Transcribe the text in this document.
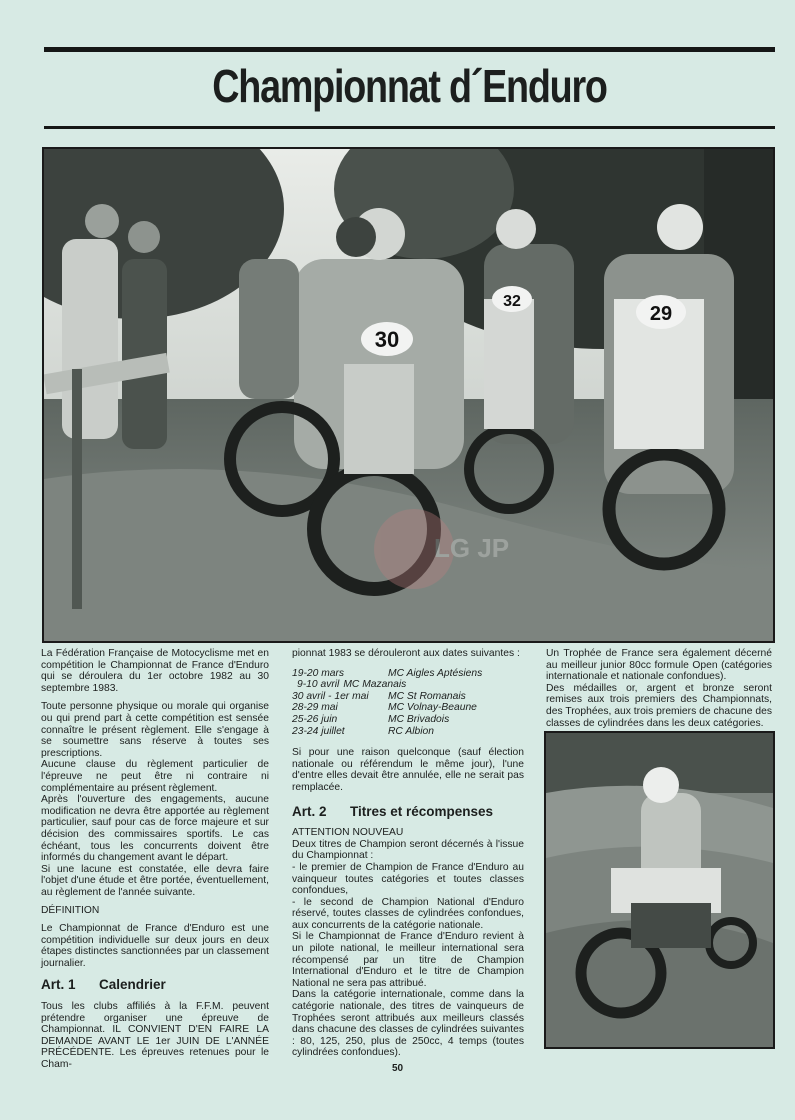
Championnat d´Enduro
30
32
29
LG JP

La Fédération Française de Motocyclisme met en compétition le Championnat de France d'Enduro qui se déroulera du 1er octobre 1982 au 30 septembre 1983.

Toute personne physique ou morale qui organise ou qui prend part à cette compétition est sensée connaître le présent règlement. Elle s'engage à se soumettre sans réserve à toutes ses prescriptions.

Aucune clause du règlement particulier de l'épreuve ne peut être ni contraire ni complémentaire au présent règlement.

Après l'ouverture des engagements, aucune modification ne devra être apportée au règlement particulier, sauf pour cas de force majeure et sur décision des commissaires sportifs. Le cas échéant, tous les concurrents doivent être informés du changement avant le départ.

Si une lacune est constatée, elle devra faire l'objet d'une étude et être portée, éventuellement, au règlement de l'année suivante.

DÉFINITION

Le Championnat de France d'Enduro est une compétition individuelle sur deux jours en deux étapes distinctes sanctionnées par un classement journalier.

Art. 1 Calendrier

Tous les clubs affiliés à la F.F.M. peuvent prétendre organiser une épreuve de Championnat. IL CONVIENT D'EN FAIRE LA DEMANDE AVANT LE 1er JUIN DE L'ANNÉE PRÉCÉDENTE. Les épreuves retenues pour le Cham-

pionnat 1983 se dérouleront aux dates suivantes :

19-20 mars	MC Aigles Aptésiens
9-10 avril MC Mazanais
30 avril - 1er mai	MC St Romanais
28-29 mai	MC Volnay-Beaune
25-26 juin	MC Brivadois
23-24 juillet	RC Albion

Si pour une raison quelconque (sauf élection nationale ou référendum le même jour), l'une d'entre elles devait être annulée, elle ne serait pas remplacée.

Art. 2 Titres et récompenses

ATTENTION NOUVEAU

Deux titres de Champion seront décernés à l'issue du Championnat :

- le premier de Champion de France d'Enduro au vainqueur toutes catégories et toutes classes confondues,

- le second de Champion National d'Enduro réservé, toutes classes de cylindrées confondues, aux concurrents de la catégorie nationale.

Si le Championnat de France d'Enduro revient à un pilote national, le meilleur international sera récompensé par un titre de Champion International d'Enduro et le titre de Champion National ne sera pas attribué.

Dans la catégorie internationale, comme dans la catégorie nationale, des titres de vainqueurs de Trophées seront attribués aux meilleurs classés dans chacune des classes de cylindrées suivantes : 80, 125, 250, plus de 250cc, 4 temps (toutes cylindrées confondues).

Un Trophée de France sera également décerné au meilleur junior 80cc formule Open (catégories internationale et nationale confondues).

Des médailles or, argent et bronze seront remises aux trois premiers des Championnats, des Trophées, aux trois premiers de chacune des classes de cylindrées dans les deux catégories.

50
